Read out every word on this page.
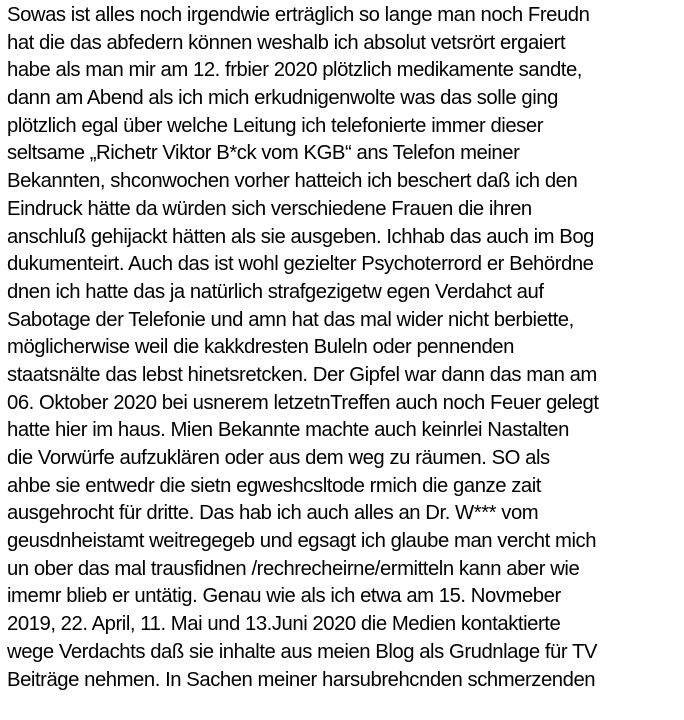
Sowas ist alles noch irgendwie erträglich so lange man noch Freudn
hat die das abfedern können weshalb ich absolut vetsrört ergaiert
habe als man mir am 12. frbier 2020 plötzlich medikamente sandte,
dann am Abend als ich mich erkudnigenwolte was das solle ging
plötzlich egal über welche Leitung ich telefonierte immer dieser
seltsame „Richetr Viktor B*ck vom KGB“ ans Telefon meiner
Bekannten, shconwochen vorher hatteich ich beschert daß ich den
Eindruck hätte da würden sich verschiedene Frauen die ihren
anschluß gehijackt hätten als sie ausgeben. Ichhab das auch im Bog
dukumenteirt. Auch das ist wohl gezielter Psychoterrord er Behördne
dnen ich hatte das ja natürlich strafgezigetw egen Verdahct auf
Sabotage der Telefonie und amn hat das mal wider nicht berbiette,
möglicherwise weil die kakkdresten Buleln oder pennenden
staatsnälte das lebst hinetsretcken. Der Gipfel war dann das man am
06. Oktober 2020 bei usnerem letzetnTreffen auch noch Feuer gelegt
hatte hier im haus. Mien Bekannte machte auch keinrlei Nastalten
die Vorwürfe aufzuklären oder aus dem weg zu räumen. SO als
ahbe sie entwedr die sietn egweshcsltode rmich die ganze zait
ausgehrocht für dritte. Das hab ich auch alles an Dr. W*** vom
geusdnheistamt weitregegeb und egsagt ich glaube man vercht mich
un ober das mal trausfidnen /rechrecheirne/ermitteln kann aber wie
imemr blieb er untätig. Genau wie als ich etwa am 15. Novmeber
2019, 22. April, 11. Mai und 13.Juni 2020 die Medien kontaktierte
wege Verdachts daß sie inhalte aus meien Blog als Grudnlage für TV
Beiträge nehmen. In Sachen meiner harsubrehcnden schmerzenden
